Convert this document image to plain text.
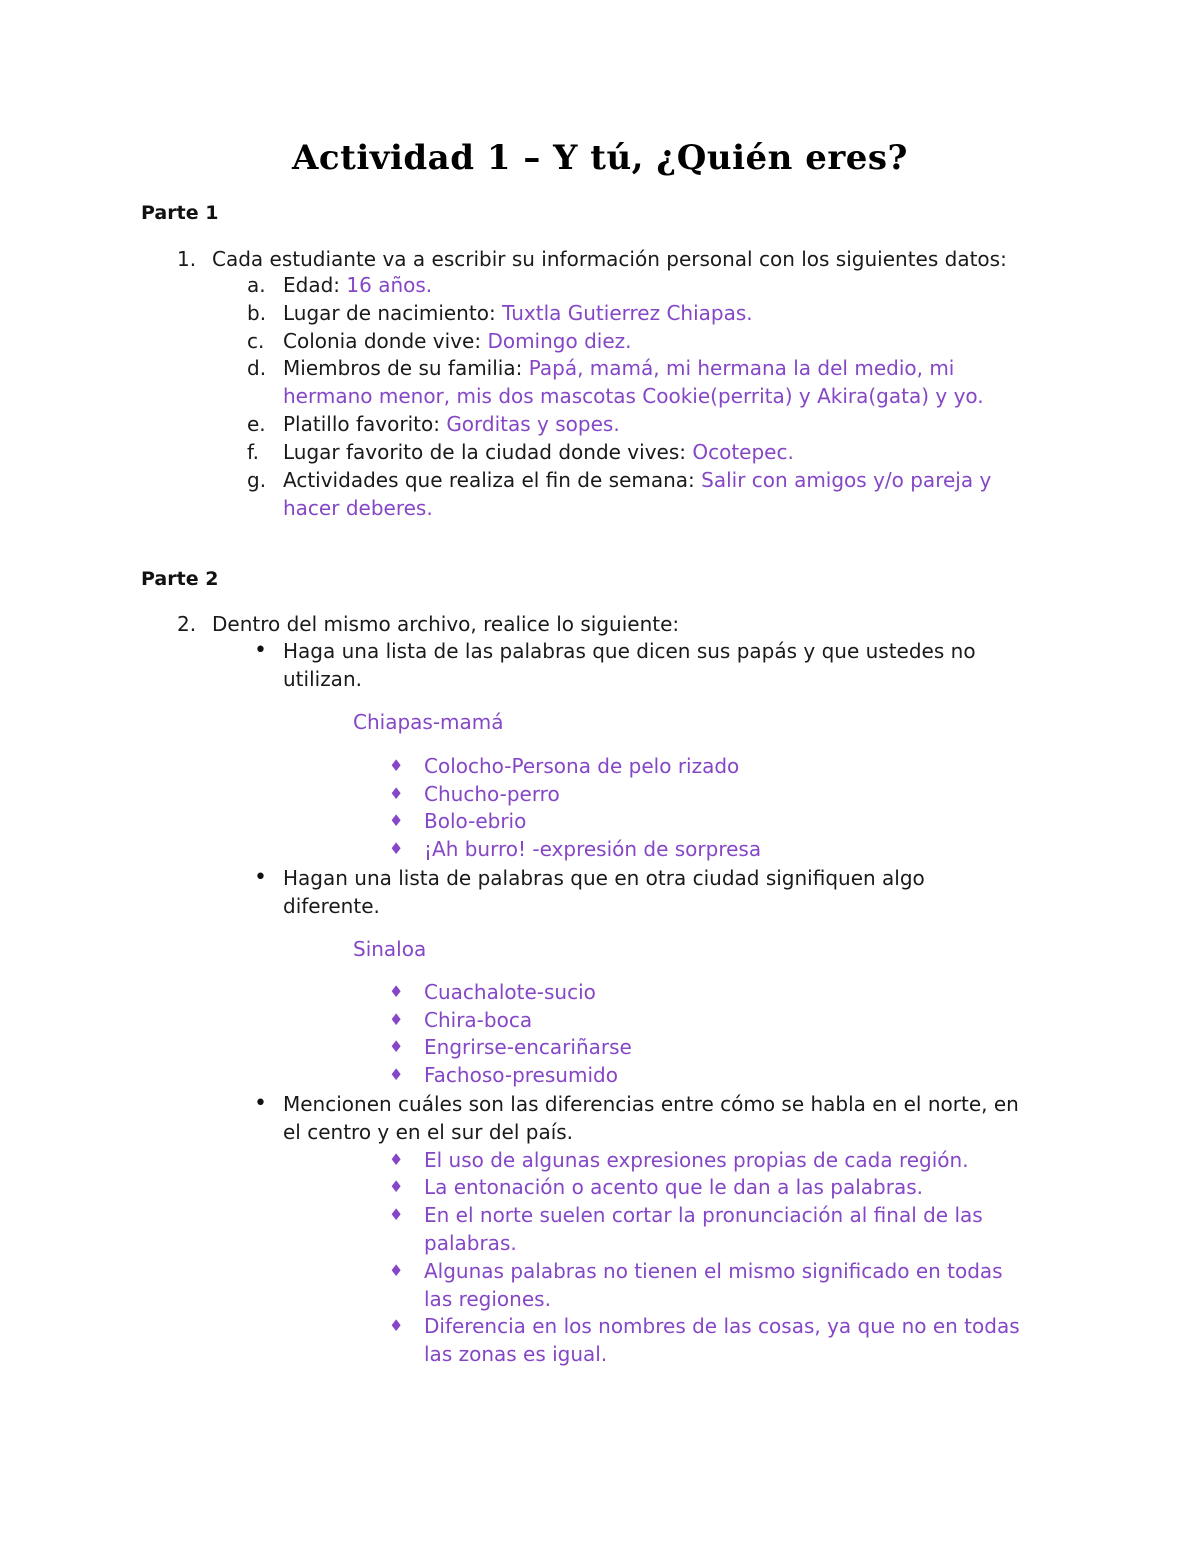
Actividad 1 – Y tú, ¿Quién eres?
Parte 1
1. Cada estudiante va a escribir su información personal con los siguientes datos:
a. Edad: 16 años.
b. Lugar de nacimiento: Tuxtla Gutierrez Chiapas.
c. Colonia donde vive: Domingo diez.
d. Miembros de su familia: Papá, mamá, mi hermana la del medio, mi
hermano menor, mis dos mascotas Cookie(perrita) y Akira(gata) y yo.
e. Platillo favorito: Gorditas y sopes.
f. Lugar favorito de la ciudad donde vives: Ocotepec.
g. Actividades que realiza el fin de semana: Salir con amigos y/o pareja y
hacer deberes.
Parte 2
2. Dentro del mismo archivo, realice lo siguiente:
• Haga una lista de las palabras que dicen sus papás y que ustedes no
utilizan.
Chiapas-mamá
♦ Colocho-Persona de pelo rizado
♦ Chucho-perro
♦ Bolo-ebrio
♦ ¡Ah burro! -expresión de sorpresa
• Hagan una lista de palabras que en otra ciudad signifiquen algo
diferente.
Sinaloa
♦ Cuachalote-sucio
♦ Chira-boca
♦ Engrirse-encariñarse
♦ Fachoso-presumido
• Mencionen cuáles son las diferencias entre cómo se habla en el norte, en
el centro y en el sur del país.
♦ El uso de algunas expresiones propias de cada región.
♦ La entonación o acento que le dan a las palabras.
♦ En el norte suelen cortar la pronunciación al final de las
palabras.
♦ Algunas palabras no tienen el mismo significado en todas
las regiones.
♦ Diferencia en los nombres de las cosas, ya que no en todas
las zonas es igual.
